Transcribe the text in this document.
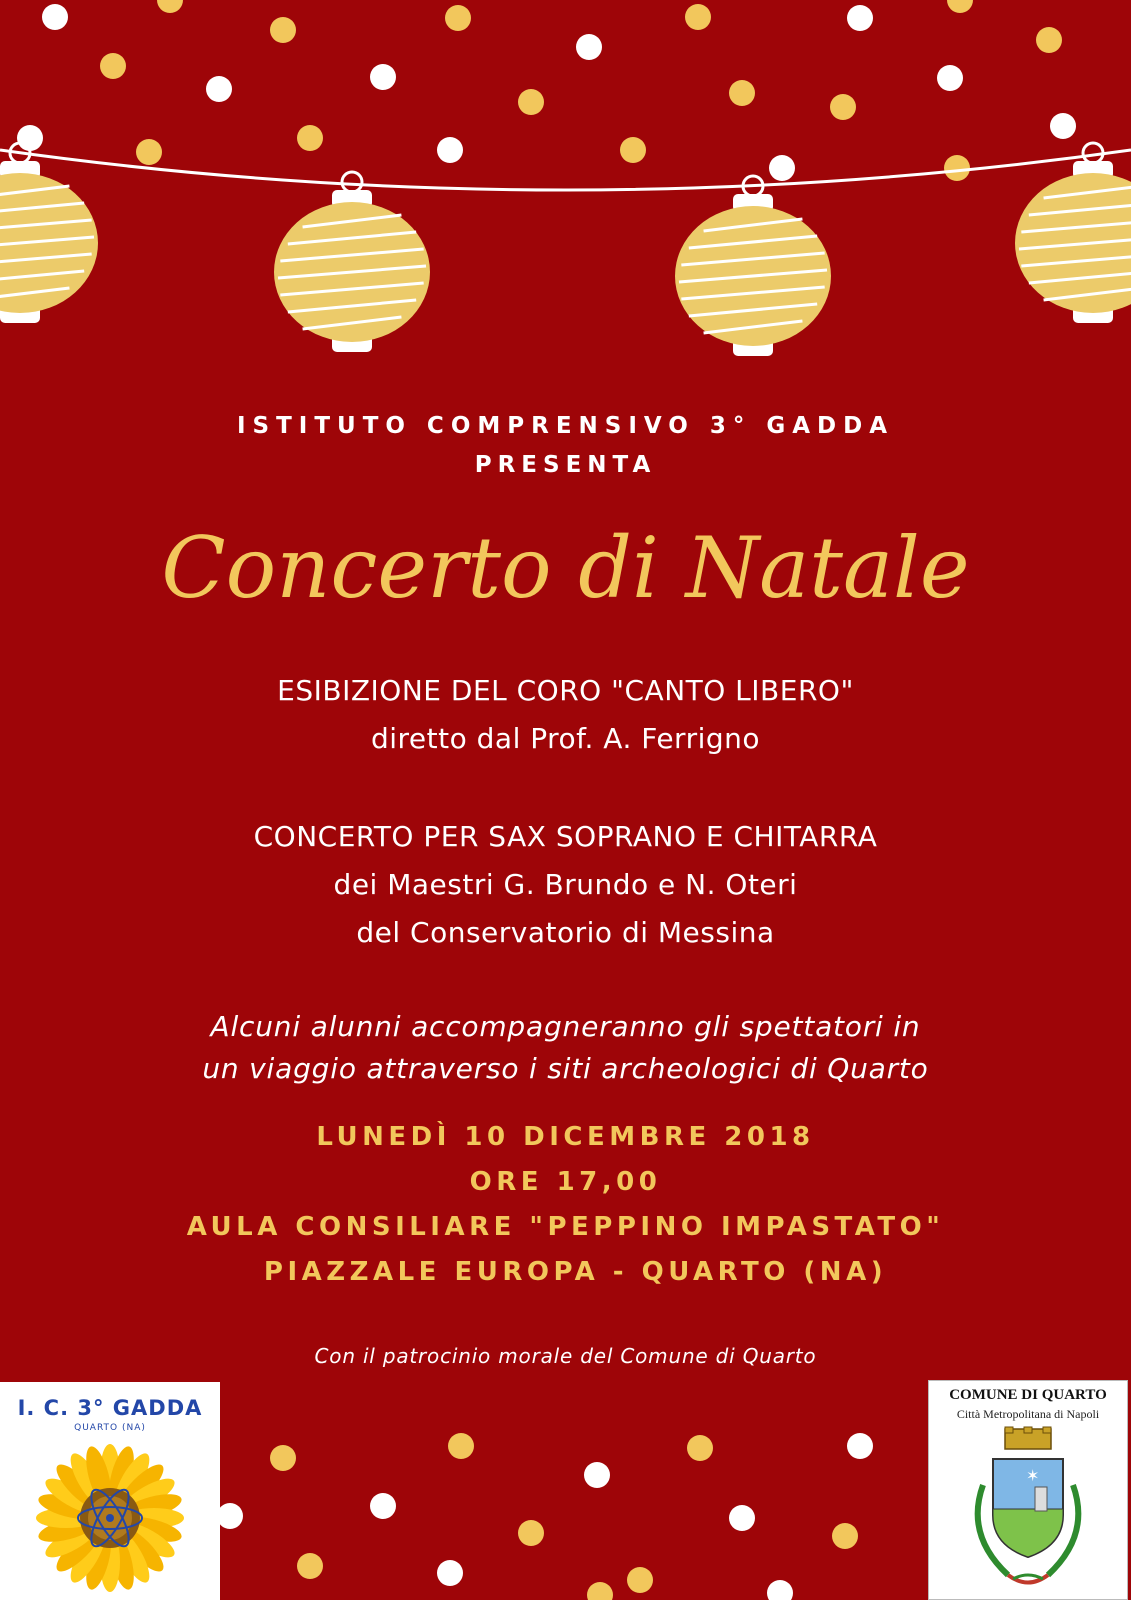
ISTITUTO COMPRENSIVO 3° GADDA

PRESENTA

Concerto di Natale

ESIBIZIONE DEL CORO "CANTO LIBERO"

diretto dal Prof. A. Ferrigno

CONCERTO PER SAX SOPRANO E CHITARRA

dei Maestri G. Brundo e N. Oteri

del Conservatorio di Messina

Alcuni alunni accompagneranno gli spettatori in

un viaggio attraverso i siti archeologici di Quarto

LUNEDÌ 10 DICEMBRE 2018

ORE 17,00

AULA CONSILIARE "PEPPINO IMPASTATO"

PIAZZALE EUROPA - QUARTO (NA)

Con il patrocinio morale del Comune di Quarto

I. C. 3° GADDA
QUARTO (NA)
COMUNE DI QUARTO
Città Metropolitana di Napoli
✶
